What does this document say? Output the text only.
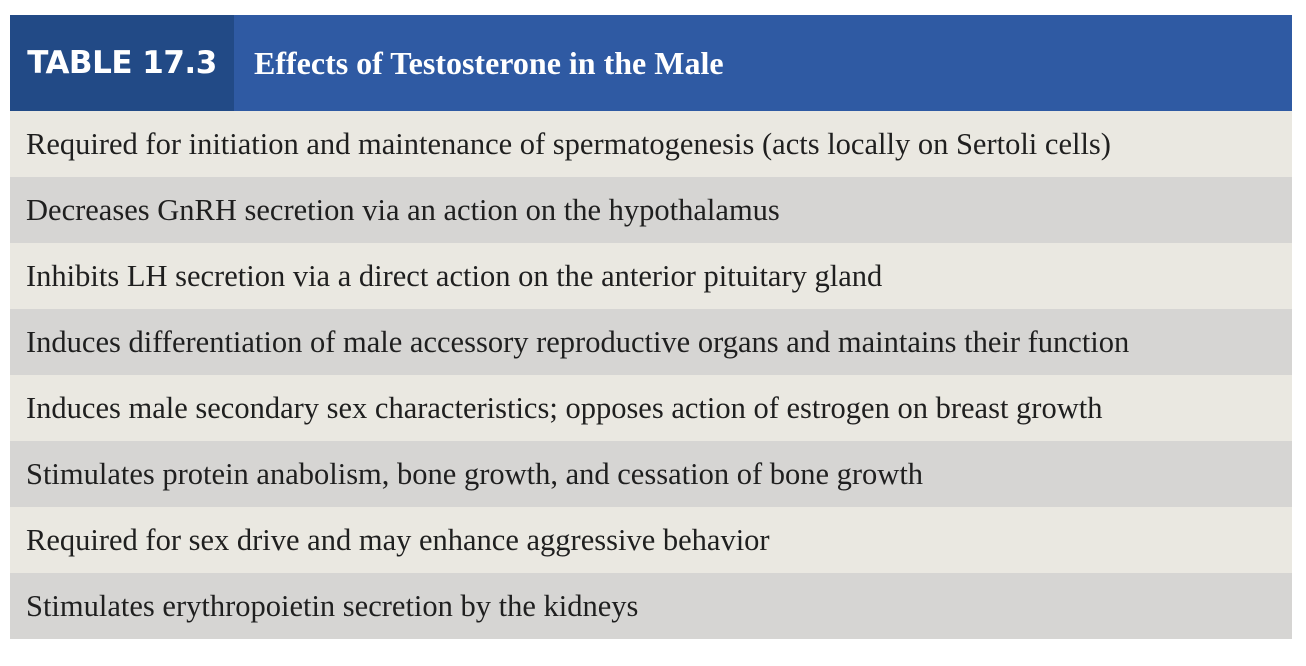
TABLE 17.3	Effects of Testosterone in the Male
Required for initiation and maintenance of spermatogenesis (acts locally on Sertoli cells)
Decreases GnRH secretion via an action on the hypothalamus
Inhibits LH secretion via a direct action on the anterior pituitary gland
Induces differentiation of male accessory reproductive organs and maintains their function
Induces male secondary sex characteristics; opposes action of estrogen on breast growth
Stimulates protein anabolism, bone growth, and cessation of bone growth
Required for sex drive and may enhance aggressive behavior
Stimulates erythropoietin secretion by the kidneys
